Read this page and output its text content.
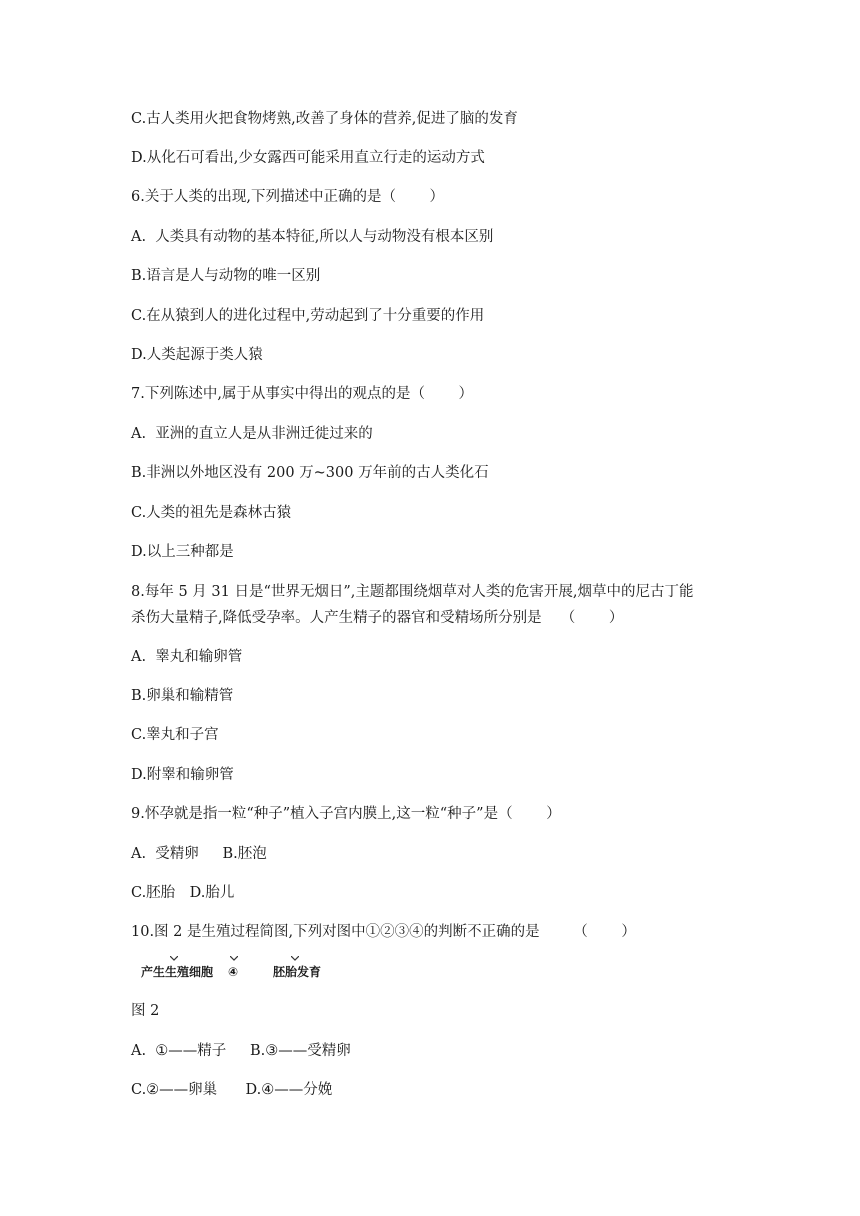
C.古人类用火把食物烤熟,改善了身体的营养,促进了脑的发育
D.从化石可看出,少女露西可能采用直立行走的运动方式
6.关于人类的出现,下列描述中正确的是（　　 ）
A.  人类具有动物的基本特征,所以人与动物没有根本区别
B.语言是人与动物的唯一区别
C.在从猿到人的进化过程中,劳动起到了十分重要的作用
D.人类起源于类人猿
7.下列陈述中,属于从事实中得出的观点的是（　　 ）
A.  亚洲的直立人是从非洲迁徙过来的
B.非洲以外地区没有 200 万~300 万年前的古人类化石
C.人类的祖先是森林古猿
D.以上三种都是
8.每年 5 月 31 日是“世界无烟日”,主题都围绕烟草对人类的危害开展,烟草中的尼古丁能
杀伤大量精子,降低受孕率。人产生精子的器官和受精场所分别是　 （　　 ）
A.  睾丸和输卵管
B.卵巢和输精管
C.睾丸和子宫
D.附睾和输卵管
9.怀孕就是指一粒“种子”植入子宫内膜上,这一粒“种子”是（　　 ）
A.  受精卵　  B.胚泡
C.胚胎　D.胎儿
10.图 2 是生殖过程简图,下列对图中①②③④的判断不正确的是　　 （　　 ）
产生生殖细胞 ④	胚胎发育
图 2
A.  ①——精子　  B.③——受精卵
C.②——卵巢　   D.④——分娩
